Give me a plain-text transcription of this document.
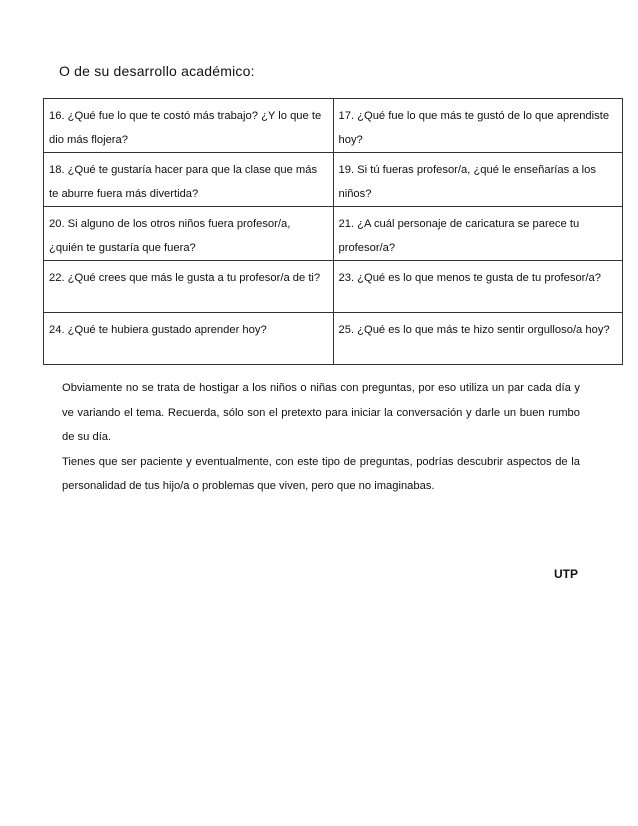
O de su desarrollo académico:
16. ¿Qué fue lo que te costó más trabajo? ¿Y lo que te dio más flojera?	17. ¿Qué fue lo que más te gustó de lo que aprendiste hoy?
18. ¿Qué te gustaría hacer para que la clase que más te aburre fuera más divertida?	19. Si tú fueras profesor/a, ¿qué le enseñarías a los niños?
20. Si alguno de los otros niños fuera profesor/a, ¿quién te gustaría que fuera?	21. ¿A cuál personaje de caricatura se parece tu profesor/a?
22. ¿Qué crees que más le gusta a tu profesor/a de ti?	23. ¿Qué es lo que menos te gusta de tu profesor/a?
24. ¿Qué te hubiera gustado aprender hoy?	25. ¿Qué es lo que más te hizo sentir orgulloso/a hoy?

Obviamente no se trata de hostigar a los niños o niñas con preguntas, por eso utiliza un par cada día y ve variando el tema. Recuerda, sólo son el pretexto para iniciar la conversación y darle un buen rumbo de su día.

Tienes que ser paciente y eventualmente, con este tipo de preguntas, podrías descubrir aspectos de la personalidad de tus hijo/a o problemas que viven, pero que no imaginabas.

UTP
